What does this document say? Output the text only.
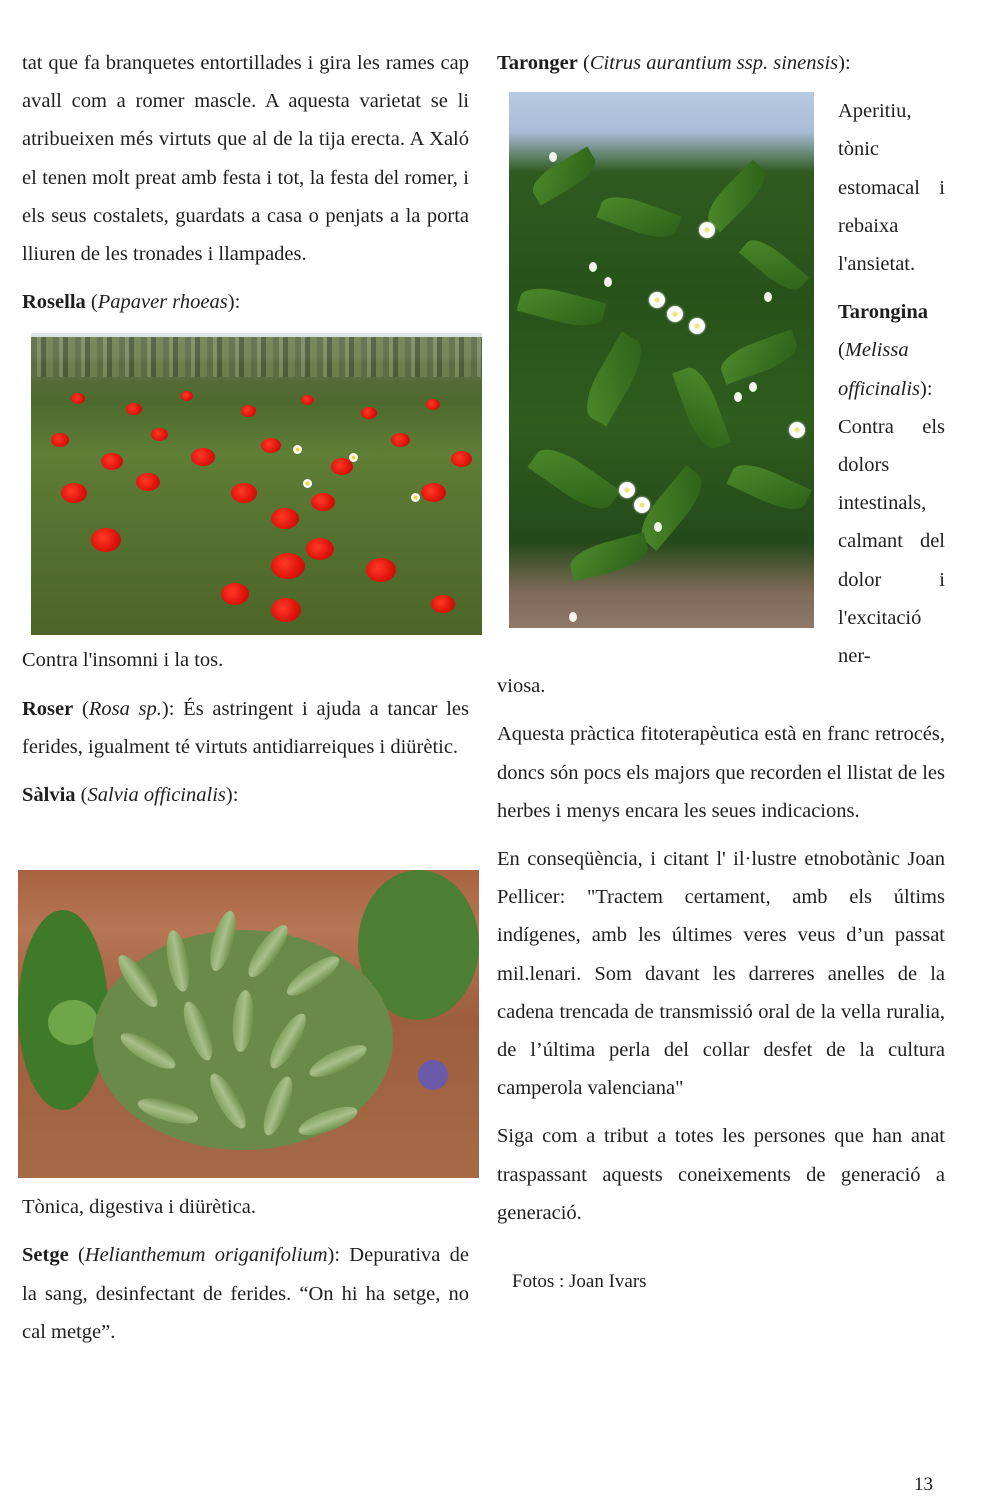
tat que fa branquetes entortillades i gira les rames cap avall com a romer mascle. A aquesta varietat se li atribueixen més virtuts que al de la tija erecta. A Xaló el tenen molt preat amb festa i tot, la festa del romer, i els seus costalets, guardats a casa o penjats a la porta lliuren de les tronades i llampades.

Rosella (Papaver rhoeas):

Contra l'insomni i la tos.

Roser (Rosa sp.): És astringent i ajuda a tancar les ferides, igualment té virtuts antidiarreiques i diürètic.

Sàlvia (Salvia officinalis):

Tònica, digestiva i diürètica.

Setge (Helianthemum origanifolium): Depurativa de la sang, desinfectant de ferides. “On hi ha setge, no cal metge”.

Taronger (Citrus aurantium ssp. sinensis):

Aperitiu, tònic estomacal i rebaixa l'ansietat.

Tarongina (Melissa officinalis): Contra els dolors intestinals, calmant del dolor i l'excitació ner-

viosa.

Aquesta pràctica fitoterapèutica està en franc retrocés, doncs són pocs els majors que recorden el llistat de les herbes i menys encara les seues indicacions.

En conseqüència, i citant l' il·lustre etnobotànic Joan Pellicer: "Tractem certament, amb els últims indígenes, amb les últimes veres veus d’un passat mil.lenari. Som davant les darreres anelles de la cadena trencada de transmissió oral de la vella ruralia, de l’última perla del collar desfet de la cultura camperola valenciana"

Siga com a tribut a totes les persones que han anat traspassant aquests coneixements de generació a generació.

Fotos : Joan Ivars

13
